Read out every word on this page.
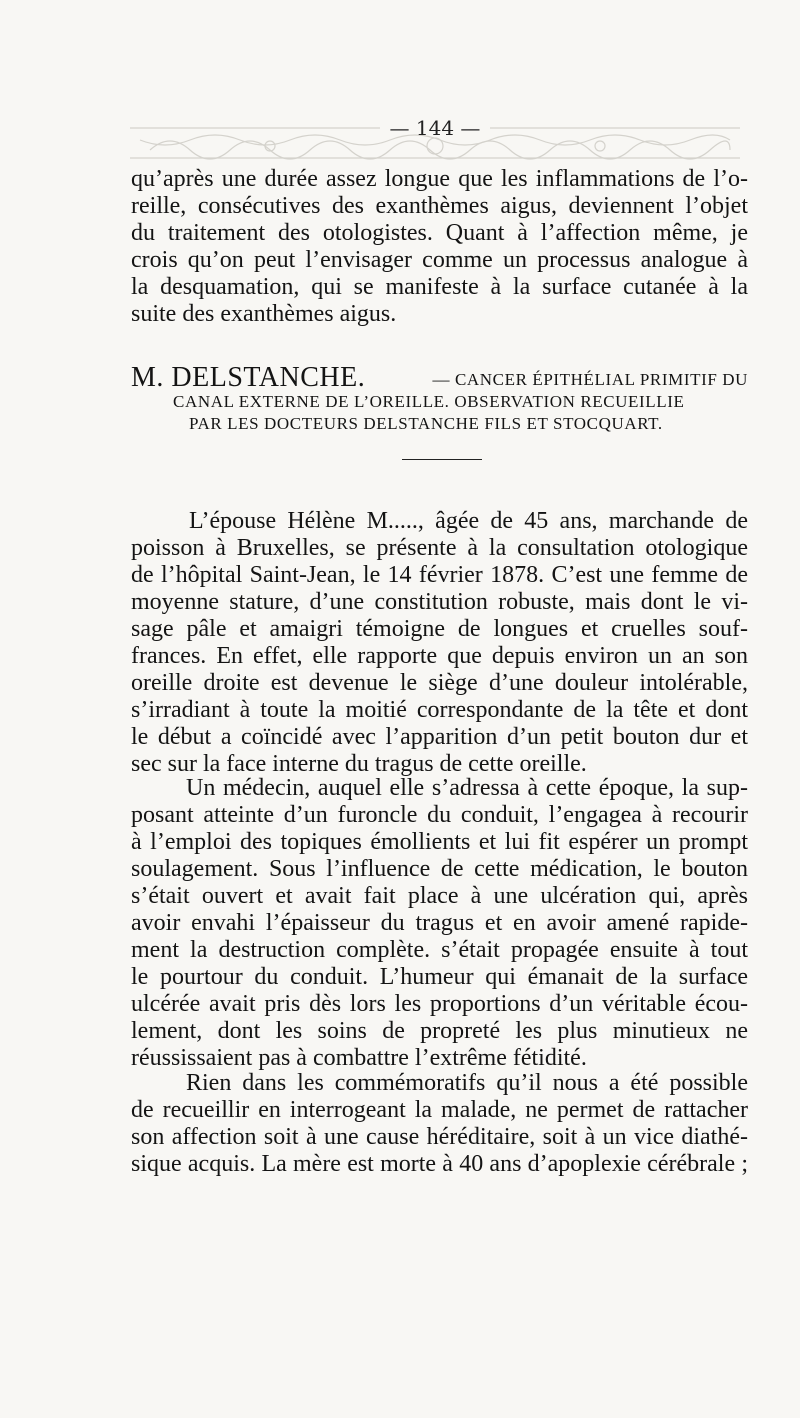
— 144 —
qu’après une durée assez longue que les inflammations de l’o-
reille, consécutives des exanthèmes aigus, deviennent l’objet
du traitement des otologistes. Quant à l’affection même, je
crois qu’on peut l’envisager comme un processus analogue à
la desquamation, qui se manifeste à la surface cutanée à la
suite des exanthèmes aigus.
M. DELSTANCHE.	— CANCER ÉPITHÉLIAL PRIMITIF DU
CANAL EXTERNE DE L’OREILLE. OBSERVATION RECUEILLIE
PAR LES DOCTEURS DELSTANCHE FILS ET STOCQUART.
L’épouse Hélène M....., âgée de 45 ans, marchande de
poisson à Bruxelles, se présente à la consultation otologique
de l’hôpital Saint-Jean, le 14 février 1878. C’est une femme de
moyenne stature, d’une constitution robuste, mais dont le vi-
sage pâle et amaigri témoigne de longues et cruelles souf-
frances. En effet, elle rapporte que depuis environ un an son
oreille droite est devenue le siège d’une douleur intolérable,
s’irradiant à toute la moitié correspondante de la tête et dont
le début a coïncidé avec l’apparition d’un petit bouton dur et
sec sur la face interne du tragus de cette oreille.
Un médecin, auquel elle s’adressa à cette époque, la sup-
posant atteinte d’un furoncle du conduit, l’engagea à recourir
à l’emploi des topiques émollients et lui fit espérer un prompt
soulagement. Sous l’influence de cette médication, le bouton
s’était ouvert et avait fait place à une ulcération qui, après
avoir envahi l’épaisseur du tragus et en avoir amené rapide-
ment la destruction complète. s’était propagée ensuite à tout
le pourtour du conduit. L’humeur qui émanait de la surface
ulcérée avait pris dès lors les proportions d’un véritable écou-
lement, dont les soins de propreté les plus minutieux ne
réussissaient pas à combattre l’extrême fétidité.
Rien dans les commémoratifs qu’il nous a été possible
de recueillir en interrogeant la malade, ne permet de rattacher
son affection soit à une cause héréditaire, soit à un vice diathé-
sique acquis. La mère est morte à 40 ans d’apoplexie cérébrale ;
